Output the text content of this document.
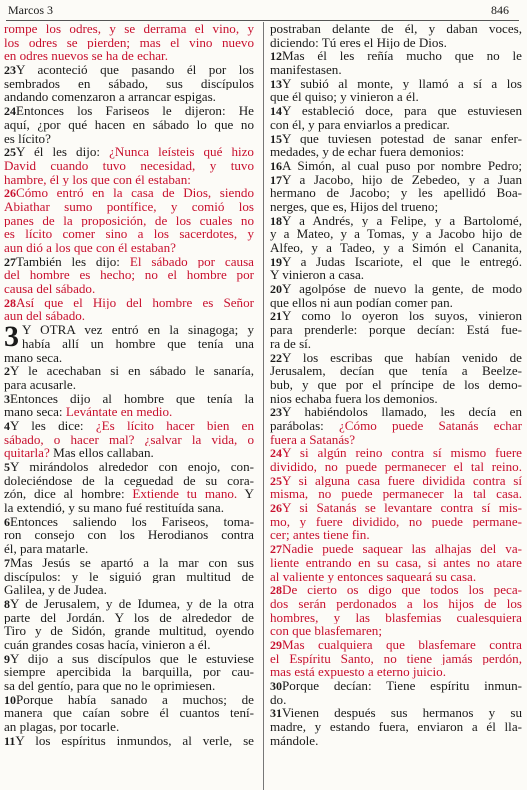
Marcos 3	846
rompe los odres, y se derrama el vino, y
los odres se pierden; mas el vino nuevo
en odres nuevos se ha de echar.
23Y aconteció que pasando él por los
sembrados en sábado, sus discípulos
andando comenzaron a arrancar espigas.
24Entonces los Fariseos le dijeron: He
aquí, ¿por qué hacen en sábado lo que no
es lícito?
25Y él les dijo: ¿Nunca leísteis qué hizo
David cuando tuvo necesidad, y tuvo
hambre, él y los que con él estaban:
26Cómo entró en la casa de Dios, siendo
Abiathar sumo pontífice, y comió los
panes de la proposición, de los cuales no
es lícito comer sino a los sacerdotes, y
aun dió a los que con él estaban?
27También les dijo: El sábado por causa
del hombre es hecho; no el hombre por
causa del sábado.
28Así que el Hijo del hombre es Señor
aun del sábado.
3 Y OTRA vez entró en la sinagoga; y
había allí un hombre que tenía una
mano seca.
2Y le acechaban si en sábado le sanaría,
para acusarle.
3Entonces dijo al hombre que tenía la
mano seca: Levántate en medio.
4Y les dice: ¿Es lícito hacer bien en
sábado, o hacer mal? ¿salvar la vida, o
quitarla? Mas ellos callaban.
5Y mirándolos alrededor con enojo, con-
doleciéndose de la ceguedad de su cora-
zón, dice al hombre: Extiende tu mano. Y
la extendió, y su mano fué restituída sana.
6Entonces saliendo los Fariseos, toma-
ron consejo con los Herodianos contra
él, para matarle.
7Mas Jesús se apartó a la mar con sus
discípulos: y le siguió gran multitud de
Galilea, y de Judea.
8Y de Jerusalem, y de Idumea, y de la otra
parte del Jordán. Y los de alrededor de
Tiro y de Sidón, grande multitud, oyendo
cuán grandes cosas hacía, vinieron a él.
9Y dijo a sus discípulos que le estuviese
siempre apercibida la barquilla, por cau-
sa del gentío, para que no le oprimiesen.
10Porque había sanado a muchos; de
manera que caían sobre él cuantos tení-
an plagas, por tocarle.
11Y los espíritus inmundos, al verle, se
postraban delante de él, y daban voces,
diciendo: Tú eres el Hijo de Dios.
12Mas él les reñía mucho que no le
manifestasen.
13Y subió al monte, y llamó a sí a los
que él quiso; y vinieron a él.
14Y estableció doce, para que estuviesen
con él, y para enviarlos a predicar.
15Y que tuviesen potestad de sanar enfer-
medades, y de echar fuera demonios:
16A Simón, al cual puso por nombre Pedro;
17Y a Jacobo, hijo de Zebedeo, y a Juan
hermano de Jacobo; y les apellidó Boa-
nerges, que es, Hijos del trueno;
18Y a Andrés, y a Felipe, y a Bartolomé,
y a Mateo, y a Tomas, y a Jacobo hijo de
Alfeo, y a Tadeo, y a Simón el Cananita,
19Y a Judas Iscariote, el que le entregó.
Y vinieron a casa.
20Y agolpóse de nuevo la gente, de modo
que ellos ni aun podían comer pan.
21Y como lo oyeron los suyos, vinieron
para prenderle: porque decían: Está fue-
ra de sí.
22Y los escribas que habían venido de
Jerusalem, decían que tenía a Beelze-
bub, y que por el príncipe de los demo-
nios echaba fuera los demonios.
23Y habiéndolos llamado, les decía en
parábolas: ¿Cómo puede Satanás echar
fuera a Satanás?
24Y si algún reino contra sí mismo fuere
dividido, no puede permanecer el tal reino.
25Y si alguna casa fuere dividida contra sí
misma, no puede permanecer la tal casa.
26Y si Satanás se levantare contra sí mis-
mo, y fuere dividido, no puede permane-
cer; antes tiene fin.
27Nadie puede saquear las alhajas del va-
liente entrando en su casa, si antes no atare
al valiente y entonces saqueará su casa.
28De cierto os digo que todos los peca-
dos serán perdonados a los hijos de los
hombres, y las blasfemias cualesquiera
con que blasfemaren;
29Mas cualquiera que blasfemare contra
el Espíritu Santo, no tiene jamás perdón,
mas está expuesto a eterno juicio.
30Porque decían: Tiene espíritu inmun-
do.
31Vienen después sus hermanos y su
madre, y estando fuera, enviaron a él lla-
mándole.
